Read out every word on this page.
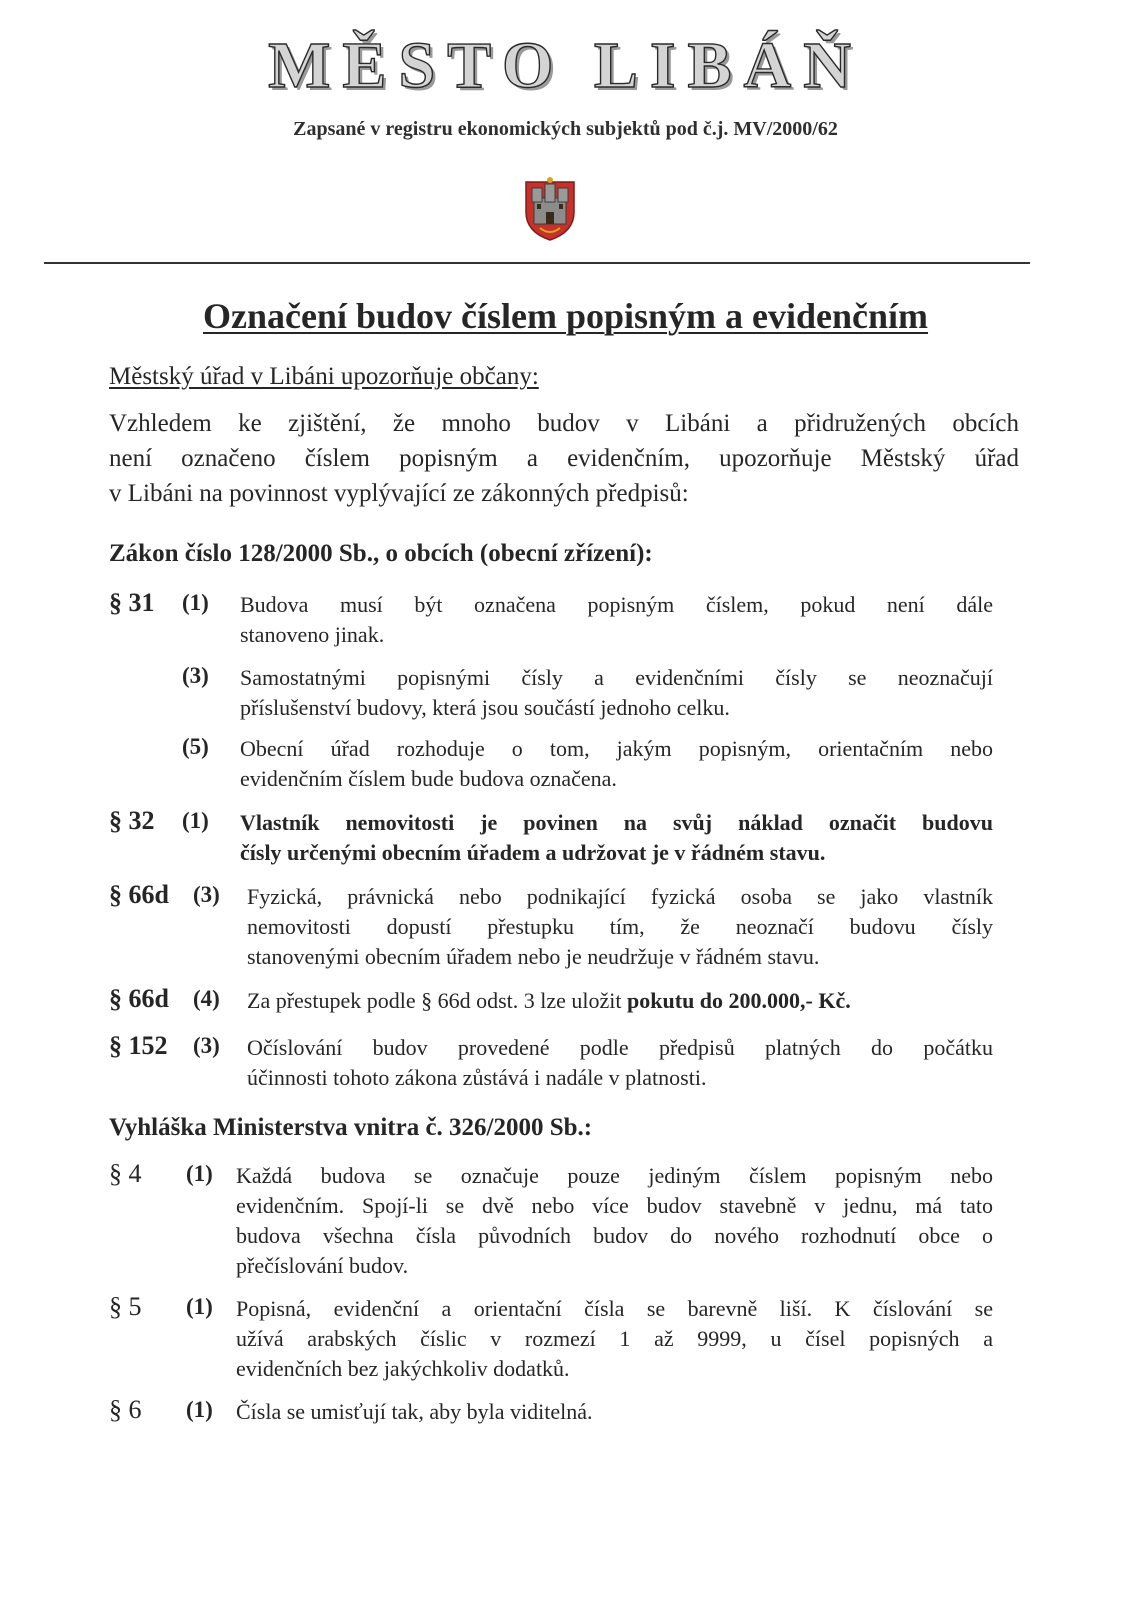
MĚSTO LIBÁŇ
Zapsané v registru ekonomických subjektů pod č.j. MV/2000/62
Označení budov číslem popisným a evidenčním
Městský úřad v Libáni upozorňuje občany:
Vzhledem ke zjištění, že mnoho budov v Libáni a přidružených obcích
není označeno číslem popisným a evidenčním, upozorňuje Městský úřad
v Libáni na povinnost vyplývající ze zákonných předpisů:
Zákon číslo 128/2000 Sb., o obcích (obecní zřízení):
§ 31 (1) Budova musí být označena popisným číslem, pokud není dále
stanoveno jinak.
(3) Samostatnými popisnými čísly a evidenčními čísly se neoznačují
příslušenství budovy, která jsou součástí jednoho celku.
(5) Obecní úřad rozhoduje o tom, jakým popisným, orientačním nebo
evidenčním číslem bude budova označena.
§ 32 (1) Vlastník nemovitosti je povinen na svůj náklad označit budovu
čísly určenými obecním úřadem a udržovat je v řádném stavu.
§ 66d (3) Fyzická, právnická nebo podnikající fyzická osoba se jako vlastník
nemovitosti dopustí přestupku tím, že neoznačí budovu čísly
stanovenými obecním úřadem nebo je neudržuje v řádném stavu.
§ 66d (4) Za přestupek podle § 66d odst. 3 lze uložit pokutu do 200.000,- Kč.
§ 152 (3) Očíslování budov provedené podle předpisů platných do počátku
účinnosti tohoto zákona zůstává i nadále v platnosti.
Vyhláška Ministerstva vnitra č. 326/2000 Sb.:
§ 4 (1) Každá budova se označuje pouze jediným číslem popisným nebo
evidenčním. Spojí-li se dvě nebo více budov stavebně v jednu, má tato
budova všechna čísla původních budov do nového rozhodnutí obce o
přečíslování budov.
§ 5 (1) Popisná, evidenční a orientační čísla se barevně liší. K číslování se
užívá arabských číslic v rozmezí 1 až 9999, u čísel popisných a
evidenčních bez jakýchkoliv dodatků.
§ 6 (1) Čísla se umisťují tak, aby byla viditelná.
